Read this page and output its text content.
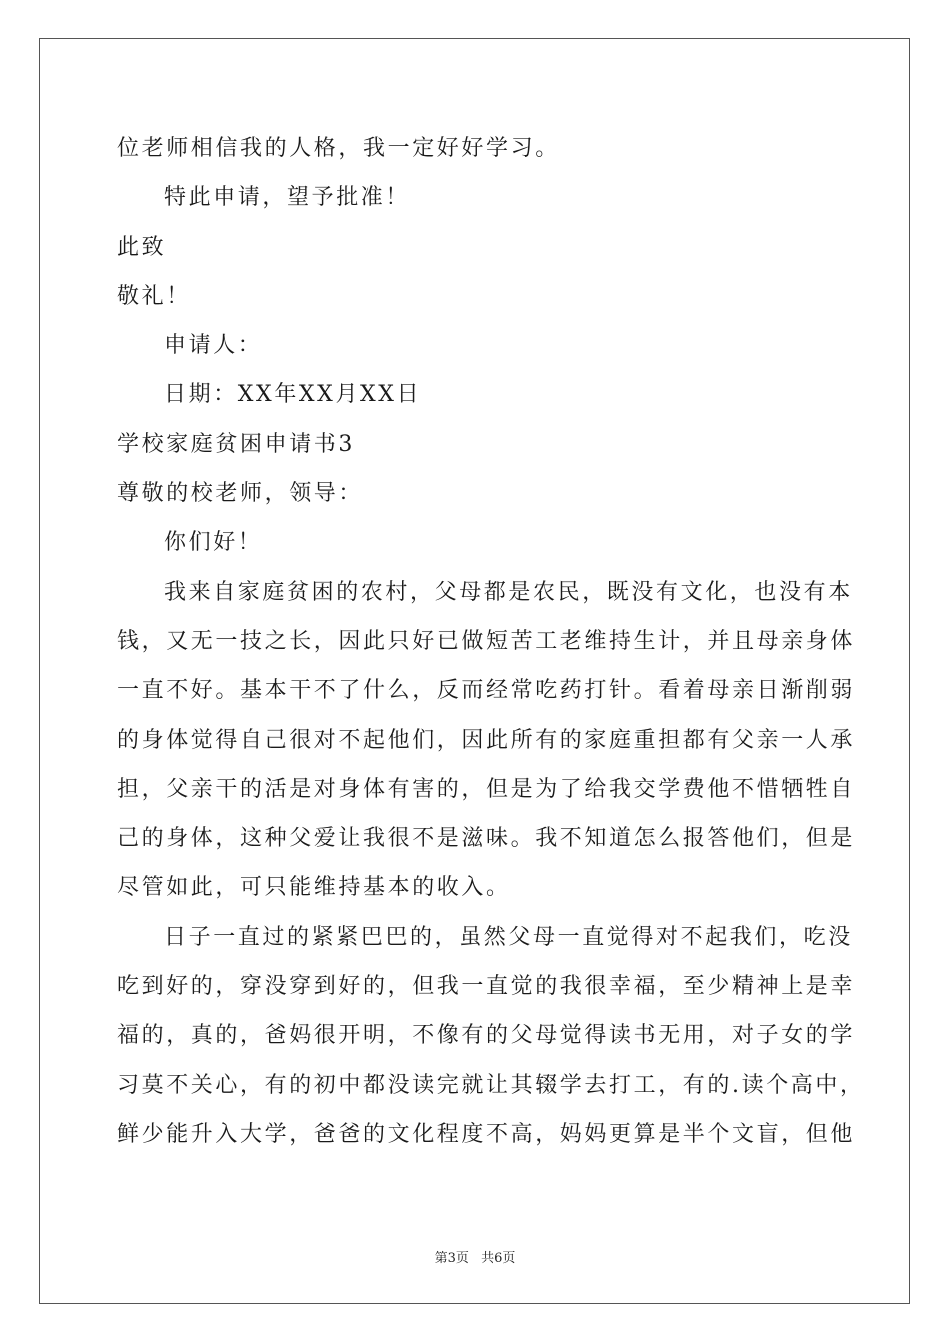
位老师相信我的人格，我一定好好学习。
特此申请，望予批准！
此致
敬礼！
申请人：
日期：XX年XX月XX日
学校家庭贫困申请书3
尊敬的校老师，领导：
你们好！
我来自家庭贫困的农村，父母都是农民，既没有文化，也没有本
钱，又无一技之长，因此只好已做短苦工老维持生计，并且母亲身体
一直不好。基本干不了什么，反而经常吃药打针。看着母亲日渐削弱
的身体觉得自己很对不起他们，因此所有的家庭重担都有父亲一人承
担，父亲干的活是对身体有害的，但是为了给我交学费他不惜牺牲自
己的身体，这种父爱让我很不是滋味。我不知道怎么报答他们，但是
尽管如此，可只能维持基本的收入。
日子一直过的紧紧巴巴的，虽然父母一直觉得对不起我们，吃没
吃到好的，穿没穿到好的，但我一直觉的我很幸福，至少精神上是幸
福的，真的，爸妈很开明，不像有的父母觉得读书无用，对子女的学
习莫不关心，有的初中都没读完就让其辍学去打工，有的.读个高中，
鲜少能升入大学，爸爸的文化程度不高，妈妈更算是半个文盲，但他
第3页 共6页
